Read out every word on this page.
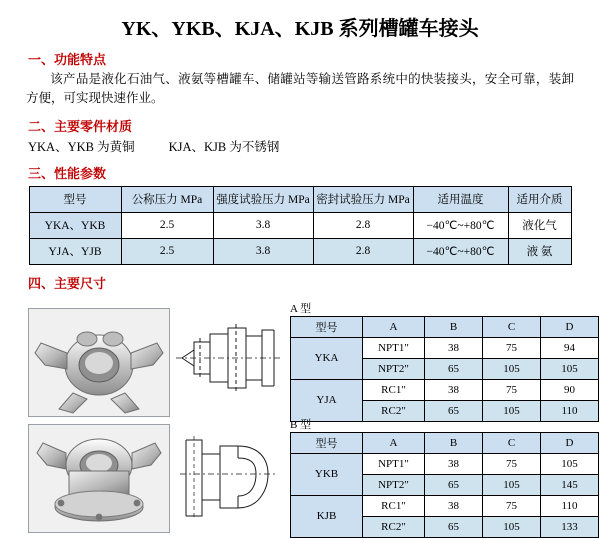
YK、YKB、KJA、KJB 系列槽罐车接头
一、功能特点
该产品是液化石油气、液氨等槽罐车、储罐站等输送管路系统中的快装接头，安全可靠，装卸方便，可实现快速作业。
二、主要零件材质
YKA、YKB 为黄铜	KJA、KJB 为不锈钢
三、性能参数
型号	公称压力 MPa	强度试验压力 MPa	密封试验压力 MPa	适用温度	适用介质
YKA、YKB	2.5	3.8	2.8	−40℃~+80℃	液化气
YJA、YJB	2.5	3.8	2.8	−40℃~+80℃	液 氨
四、主要尺寸
A 型
型号	A	B	C	D
YKA	NPT1"	38	75	94
	NPT2"	65	105	105
YJA	RC1"	38	75	90
	RC2"	65	105	110
B 型
型号	A	B	C	D
YKB	NPT1"	38	75	105
	NPT2"	65	105	145
KJB	RC1"	38	75	110
	RC2"	65	105	133
